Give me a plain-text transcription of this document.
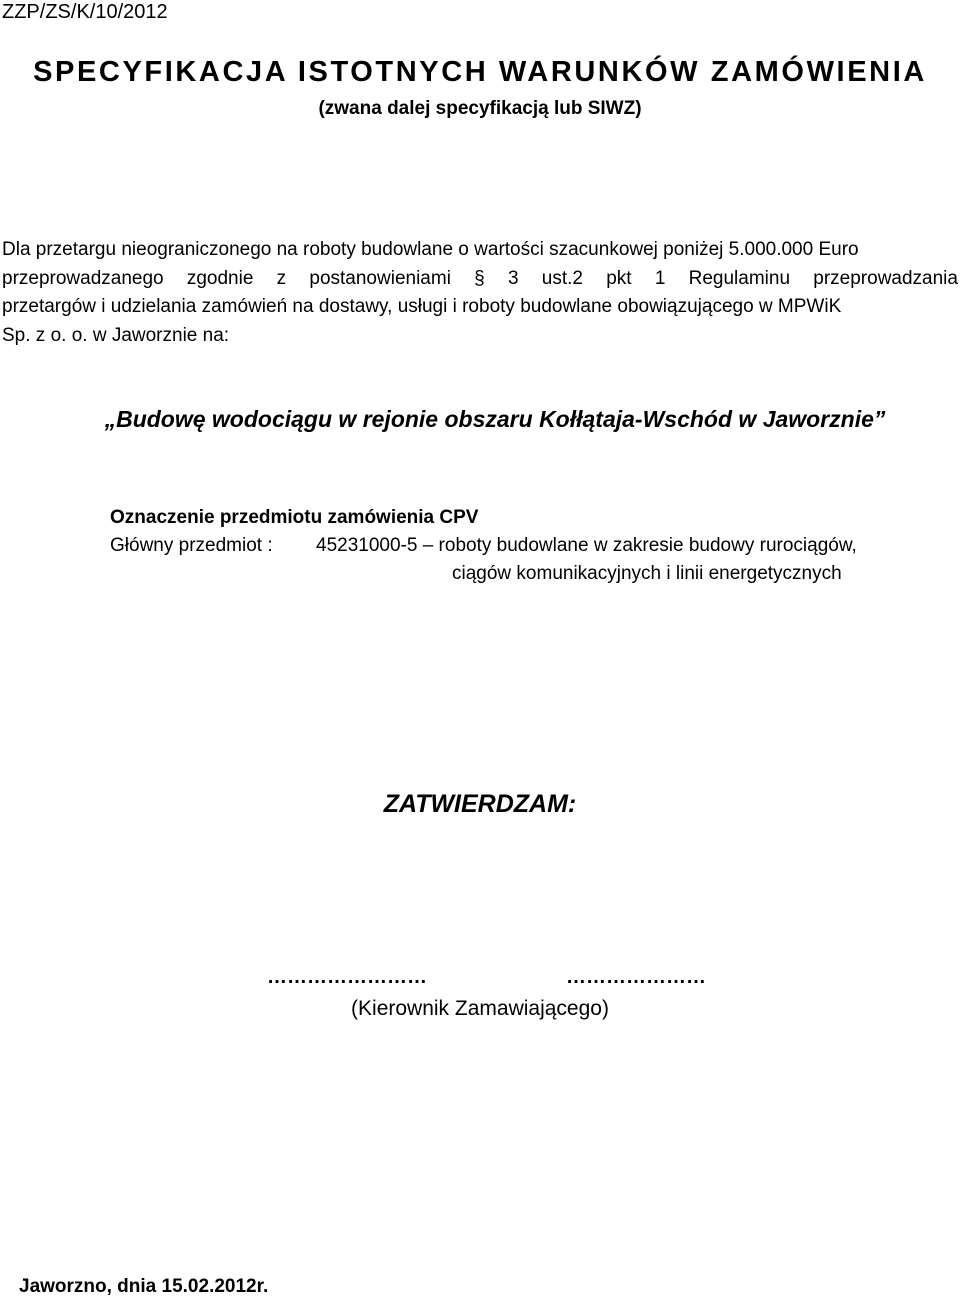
ZZP/ZS/K/10/2012
SPECYFIKACJA ISTOTNYCH WARUNKÓW ZAMÓWIENIA
(zwana dalej specyfikacją lub SIWZ)
Dla przetargu nieograniczonego na roboty budowlane o wartości szacunkowej poniżej 5.000.000 Euro
przeprowadzanego zgodnie z postanowieniami § 3 ust.2 pkt 1 Regulaminu przeprowadzania
przetargów i udzielania zamówień na dostawy, usługi i roboty budowlane obowiązującego w MPWiK
Sp. z o. o. w Jaworznie na:
„Budowę wodociągu w rejonie obszaru Kołłątaja-Wschód w Jaworznie”
Oznaczenie przedmiotu zamówienia CPV
Główny przedmiot : 45231000-5 – roboty budowlane w zakresie budowy rurociągów,
ciągów komunikacyjnych i linii energetycznych
ZATWIERDZAM:
……………………	…………………
(Kierownik Zamawiającego)
Jaworzno, dnia 15.02.2012r.
